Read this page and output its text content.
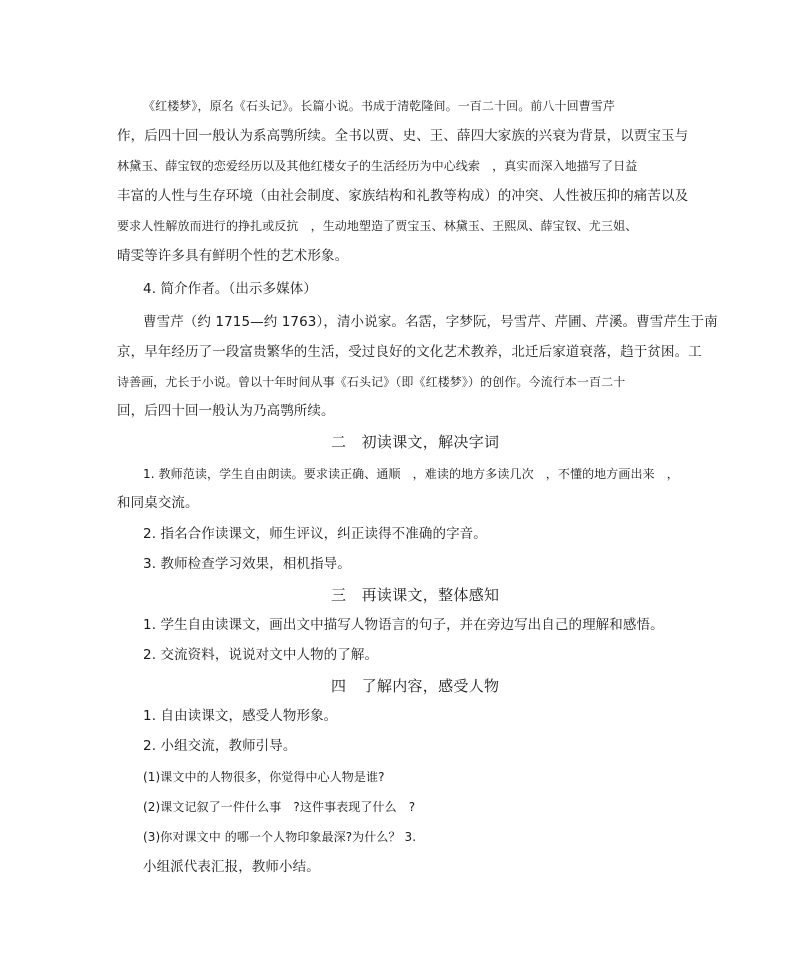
《红楼梦》，原名《石头记》。长篇小说。书成于清乾隆间。一百二十回。前八十回曹雪芹
作，后四十回一般认为系高鹗所续。全书以贾、史、王、薛四大家族的兴衰为背景，以贾宝玉与
林黛玉、薛宝钗的恋爱经历以及其他红楼女子的生活经历为中心线索　，真实而深入地描写了日益
丰富的人性与生存环境（由社会制度、家族结构和礼教等构成）的冲突、人性被压抑的痛苦以及
要求人性解放而进行的挣扎或反抗　，生动地塑造了贾宝玉、林黛玉、王熙凤、薛宝钗、尤三姐、
晴雯等许多具有鲜明个性的艺术形象。
4. 简介作者。（出示多媒体）
曹雪芹（约 1715—约 1763），清小说家。名霑，字梦阮，号雪芹、芹圃、芹溪。曹雪芹生于南
京，早年经历了一段富贵繁华的生活，受过良好的文化艺术教养，北迁后家道衰落，趋于贫困。工
诗善画，尤长于小说。曾以十年时间从事《石头记》（即《红楼梦》）的创作。今流行本一百二十
回，后四十回一般认为乃高鹗所续。
二　初读课文，解决字词
1. 教师范读，学生自由朗读。要求读正确、通顺　，难读的地方多读几次　，不懂的地方画出来　，
和同桌交流。
2. 指名合作读课文，师生评议，纠正读得不准确的字音。
3. 教师检查学习效果，相机指导。
三　再读课文，整体感知
1. 学生自由读课文，画出文中描写人物语言的句子，并在旁边写出自己的理解和感悟。
2. 交流资料，说说对文中人物的了解。
四　了解内容，感受人物
1. 自由读课文，感受人物形象。
2. 小组交流，教师引导。
(1)课文中的人物很多，你觉得中心人物是谁?
(2)课文记叙了一件什么事　?这件事表现了什么　?
(3)你对课文中 的哪一个人物印象最深?为什么？ 3.
小组派代表汇报，教师小结。
